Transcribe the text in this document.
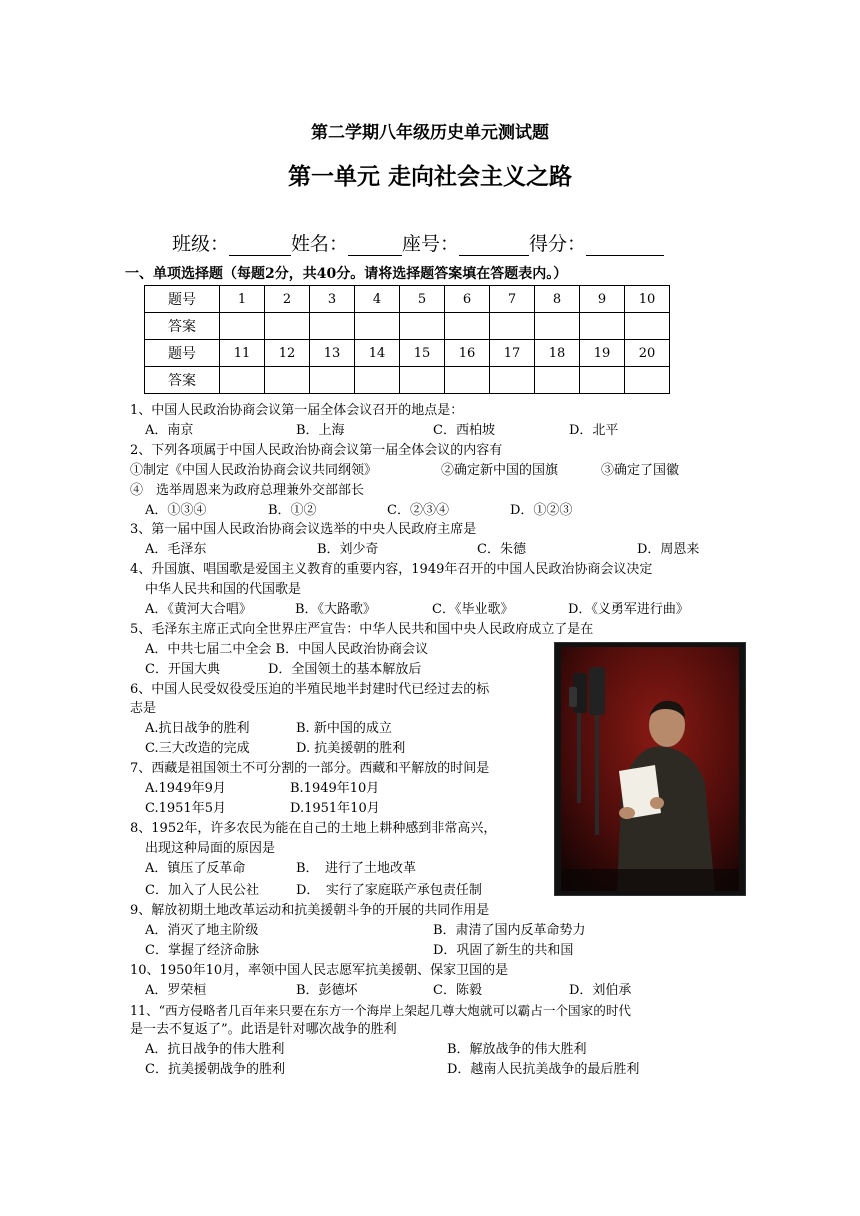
第二学期八年级历史单元测试题
第一单元 走向社会主义之路
班级：	姓名：	座号：	得分：
一、单项选择题（每题2分，共40分。请将选择题答案填在答题表内。）
题号	1	2	3	4	5	6	7	8	9	10
答案										
题号	11	12	13	14	15	16	17	18	19	20
答案										
1、中国人民政治协商会议第一届全体会议召开的地点是：
A．南京	B．上海	C．西柏坡	D．北平
2、下列各项属于中国人民政治协商会议第一届全体会议的内容有
①制定《中国人民政治协商会议共同纲领》	②确定新中国的国旗	③确定了国徽
④　选举周恩来为政府总理兼外交部部长
A．①③④	B．①②	C．②③④	D．①②③
3、第一届中国人民政治协商会议选举的中央人民政府主席是
A．毛泽东	B．刘少奇	C．朱德	D．周恩来
4、升国旗、唱国歌是爱国主义教育的重要内容，1949年召开的中国人民政治协商会议决定
中华人民共和国的代国歌是
A．《黄河大合唱》	B．《大路歌》	C．《毕业歌》	D．《义勇军进行曲》
5、毛泽东主席正式向全世界庄严宣告：中华人民共和国中央人民政府成立了是在
A．中共七届二中全会 B．中国人民政治协商会议
C．开国大典	D．全国领土的基本解放后
6、中国人民受奴役受压迫的半殖民地半封建时代已经过去的标
志是
A.抗日战争的胜利	B. 新中国的成立
C.三大改造的完成	D. 抗美援朝的胜利
7、西藏是祖国领土不可分割的一部分。西藏和平解放的时间是
A.1949年9月	B.1949年10月
C.1951年5月	D.1951年10月
8、1952年，许多农民为能在自己的土地上耕种感到非常高兴，
出现这种局面的原因是
A．镇压了反革命	B．　进行了土地改革
C．加入了人民公社	D．　实行了家庭联产承包责任制
9、解放初期土地改革运动和抗美援朝斗争的开展的共同作用是
A．消灭了地主阶级	B．肃清了国内反革命势力
C．掌握了经济命脉	D．巩固了新生的共和国
10、1950年10月，率领中国人民志愿军抗美援朝、保家卫国的是
A．罗荣桓	B．彭德坏	C．陈毅	D．刘伯承
11、“西方侵略者几百年来只要在东方一个海岸上架起几尊大炮就可以霸占一个国家的时代
是一去不复返了”。此语是针对哪次战争的胜利
A．抗日战争的伟大胜利	B．解放战争的伟大胜利
C．抗美援朝战争的胜利	D．越南人民抗美战争的最后胜利
